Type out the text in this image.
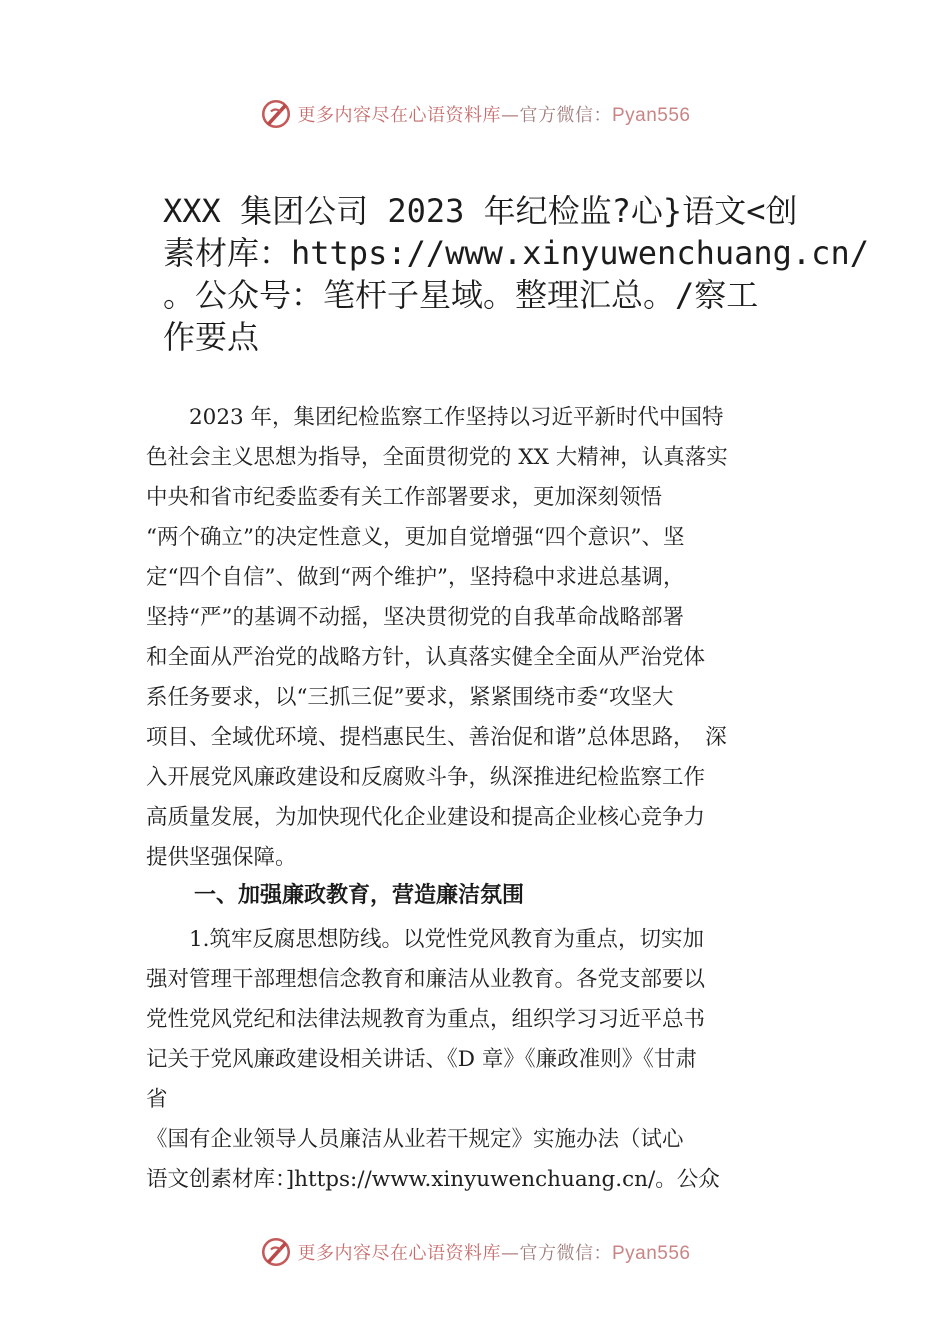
更多内容尽在心语资料库—官方微信：Pyan556
XXX 集团公司 2023 年纪检监?心}语文<创
素材库：https://www.xinyuwenchuang.cn/
。公众号：笔杆子星域。整理汇总。/察工
作要点
　　2023 年，集团纪检监察工作坚持以习近平新时代中国特
色社会主义思想为指导，全面贯彻党的 XX 大精神，认真落实
中央和省市纪委监委有关工作部署要求，更加深刻领悟
“两个确立”的决定性意义，更加自觉增强“四个意识”、坚
定“四个自信”、做到“两个维护”，坚持稳中求进总基调，
坚持“严”的基调不动摇，坚决贯彻党的自我革命战略部署
和全面从严治党的战略方针，认真落实健全全面从严治党体
系任务要求，以“三抓三促”要求，紧紧围绕市委“攻坚大
项目、全域优环境、提档惠民生、善治促和谐”总体思路，　深
入开展党风廉政建设和反腐败斗争，纵深推进纪检监察工作
高质量发展，为加快现代化企业建设和提高企业核心竞争力
提供坚强保障。
一、加强廉政教育，营造廉洁氛围
　　1.筑牢反腐思想防线。以党性党风教育为重点，切实加
强对管理干部理想信念教育和廉洁从业教育。各党支部要以
党性党风党纪和法律法规教育为重点，组织学习习近平总书
记关于党风廉政建设相关讲话、《D 章》《廉政准则》《甘肃
省
《国有企业领导人员廉洁从业若干规定》实施办法（试心
语文创素材库：]https://www.xinyuwenchuang.cn/。公众
更多内容尽在心语资料库—官方微信：Pyan556
